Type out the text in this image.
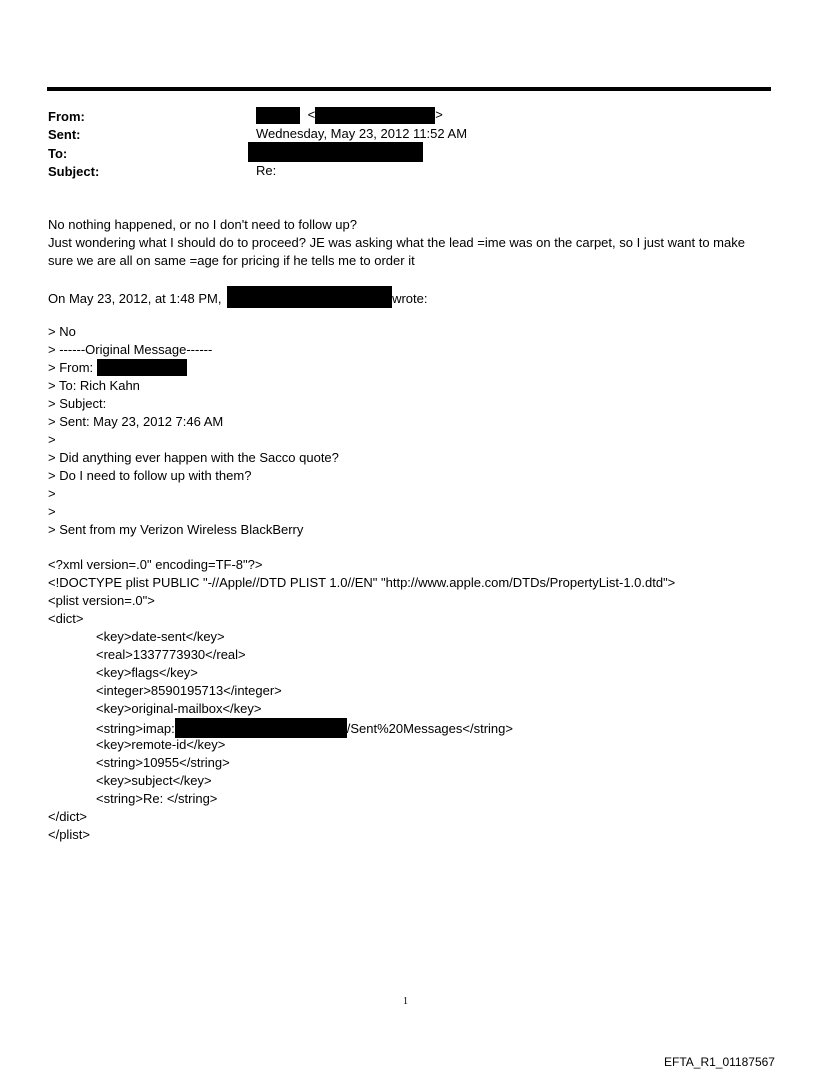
From:	<	>
Sent:	Wednesday, May 23, 2012 11:52 AM
To:
Subject:	Re:
No nothing happened, or no I don't need to follow up?
Just wondering what I should do to proceed? JE was asking what the lead =ime was on the carpet, so I just want to make
sure we are all on same =age for pricing if he tells me to order it
On May 23, 2012, at 1:48 PM,	wrote:
> No
> ------Original Message------
> From:
> To: Rich Kahn
> Subject:
> Sent: May 23, 2012 7:46 AM
>
> Did anything ever happen with the Sacco quote?
> Do I need to follow up with them?
>
>
> Sent from my Verizon Wireless BlackBerry
<?xml version=.0" encoding=TF-8"?>
<!DOCTYPE plist PUBLIC "-//Apple//DTD PLIST 1.0//EN" "http://www.apple.com/DTDs/PropertyList-1.0.dtd">
<plist version=.0">
<dict>
<key>date-sent</key>
<real>1337773930</real>
<key>flags</key>
<integer>8590195713</integer>
<key>original-mailbox</key>
<string>imap:	/Sent%20Messages</string>
<key>remote-id</key>
<string>10955</string>
<key>subject</key>
<string>Re: </string>
</dict>
</plist>
1
EFTA_R1_01187567
